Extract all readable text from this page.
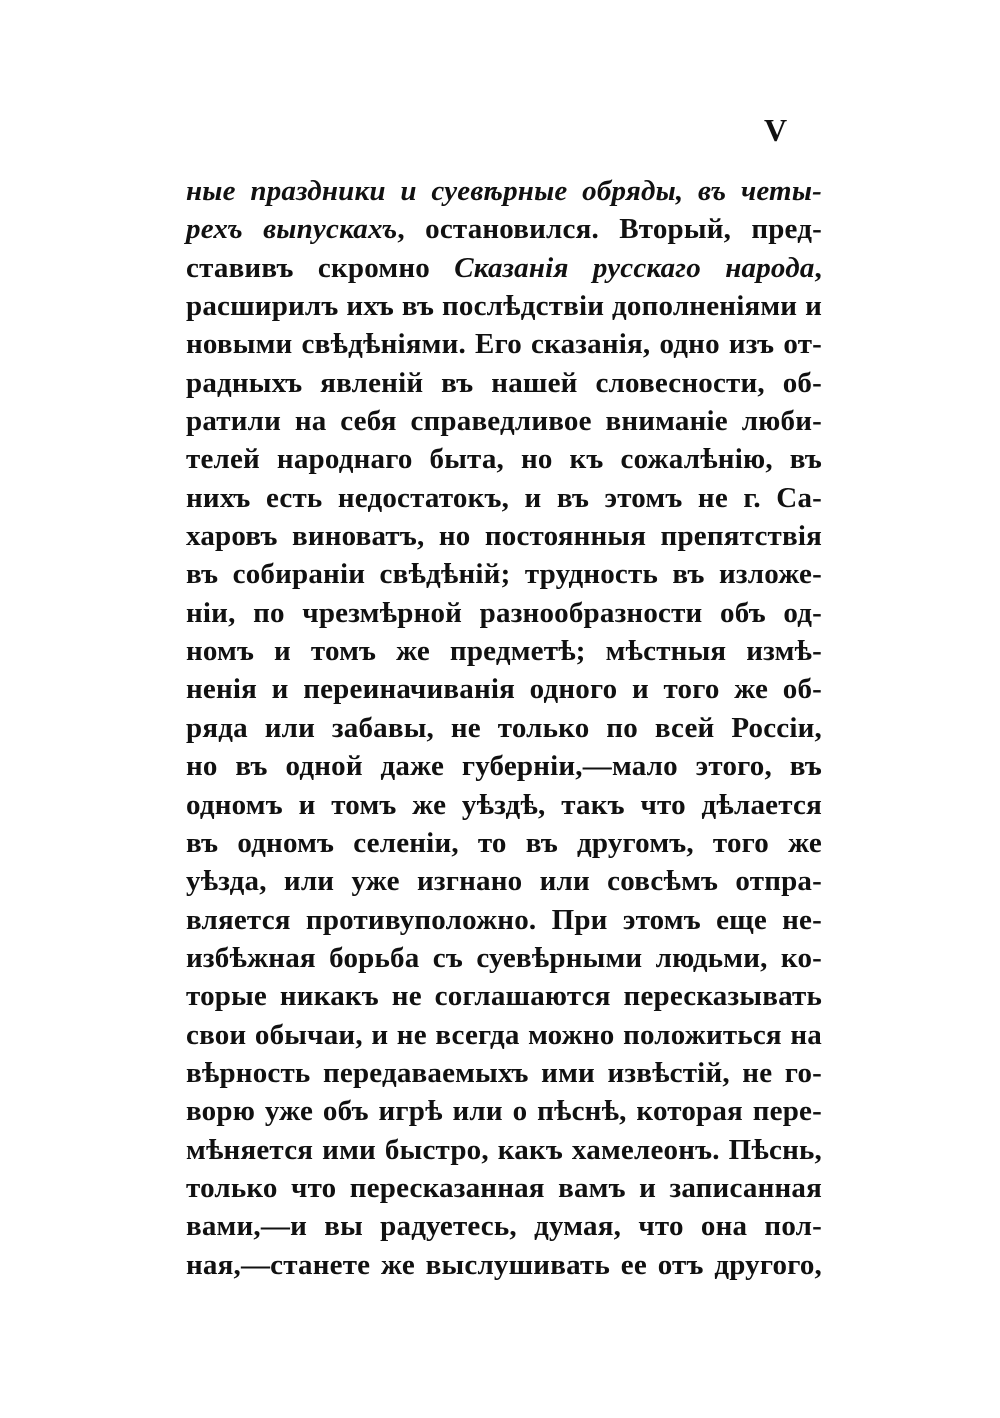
V
ные праздники и суевѣрные обряды, въ четы-
рехъ выпускахъ, остановился. Вторый, пред-
ставивъ скромно Сказанія русскаго народа,
расширилъ ихъ въ послѣдствіи дополненіями и
новыми свѣдѣніями. Его сказанія, одно изъ от-
радныхъ явленій въ нашей словесности, об-
ратили на себя справедливое вниманіе люби-
телей народнаго быта, но къ сожалѣнію, въ
нихъ есть недостатокъ, и въ этомъ не г. Са-
харовъ виноватъ, но постоянныя препятствія
въ собираніи свѣдѣній; трудность въ изложе-
ніи, по чрезмѣрной разнообразности объ од-
номъ и томъ же предметѣ; мѣстныя измѣ-
ненія и переиначиванія одного и того же об-
ряда или забавы, не только по всей Россіи,
но въ одной даже губерніи,—мало этого, въ
одномъ и томъ же уѣздѣ, такъ что дѣлается
въ одномъ селеніи, то въ другомъ, того же
уѣзда, или уже изгнано или совсѣмъ отпра-
вляется противуположно. При этомъ еще не-
избѣжная борьба съ суевѣрными людьми, ко-
торые никакъ не соглашаются пересказывать
свои обычаи, и не всегда можно положиться на
вѣрность передаваемыхъ ими извѣстій, не го-
ворю уже объ игрѣ или о пѣснѣ, которая пере-
мѣняется ими быстро, какъ хамелеонъ. Пѣснь,
только что пересказанная вамъ и записанная
вами,—и вы радуетесь, думая, что она пол-
ная,—станете же выслушивать ее отъ другого,
